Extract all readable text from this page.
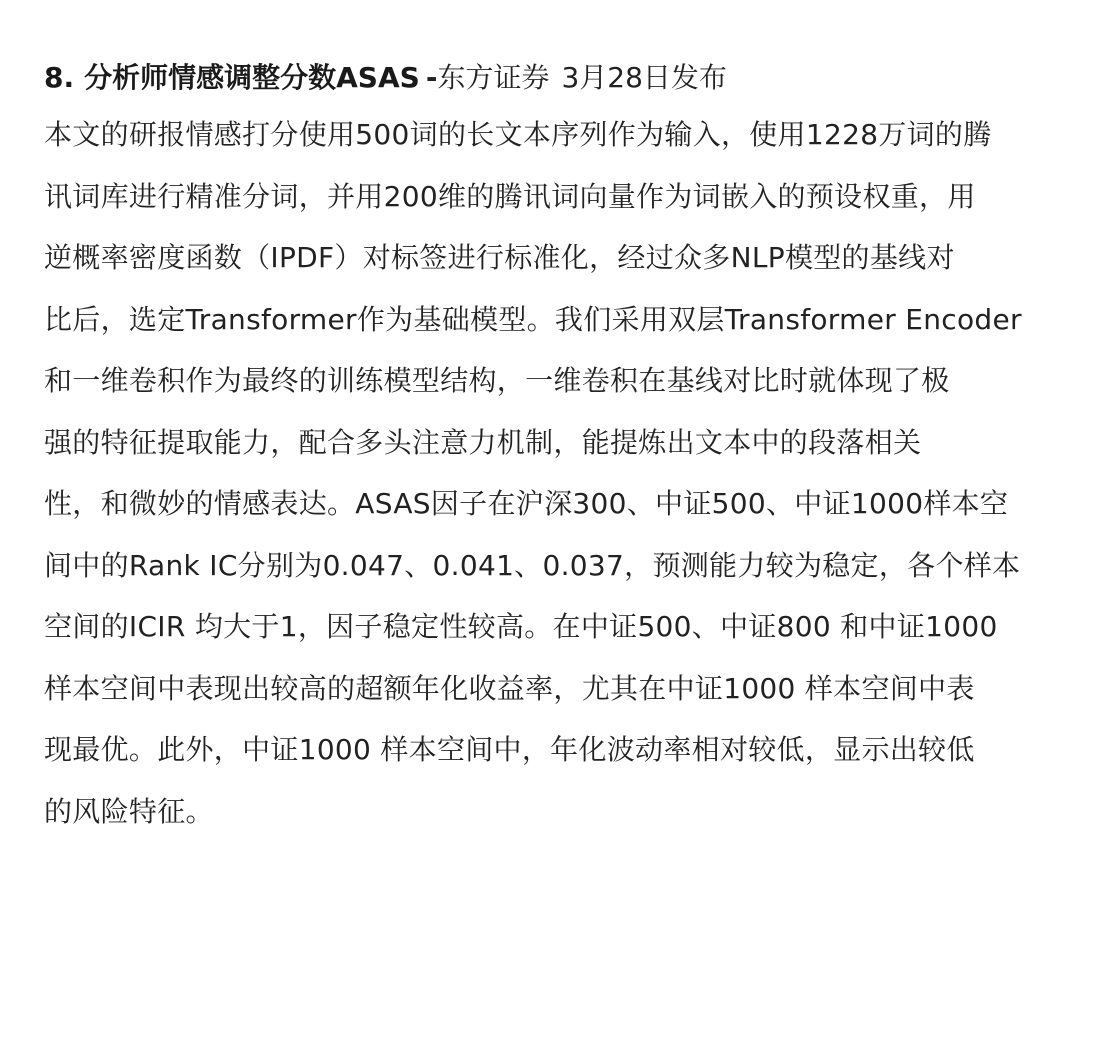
8. 分析师情感调整分数ASAS -东方证券 3月28日发布
本文的研报情感打分使用500词的长文本序列作为输入，使用1228万词的腾
讯词库进行精准分词，并用200维的腾讯词向量作为词嵌入的预设权重，用
逆概率密度函数（IPDF）对标签进行标准化，经过众多NLP模型的基线对
比后，选定Transformer作为基础模型。我们采用双层Transformer Encoder
和一维卷积作为最终的训练模型结构，一维卷积在基线对比时就体现了极
强的特征提取能力，配合多头注意力机制，能提炼出文本中的段落相关
性，和微妙的情感表达。ASAS因子在沪深300、中证500、中证1000样本空
间中的Rank IC分别为0.047、0.041、0.037，预测能力较为稳定，各个样本
空间的ICIR 均大于1，因子稳定性较高。在中证500、中证800 和中证1000
样本空间中表现出较高的超额年化收益率，尤其在中证1000 样本空间中表
现最优。此外，中证1000 样本空间中，年化波动率相对较低，显示出较低
的风险特征。
